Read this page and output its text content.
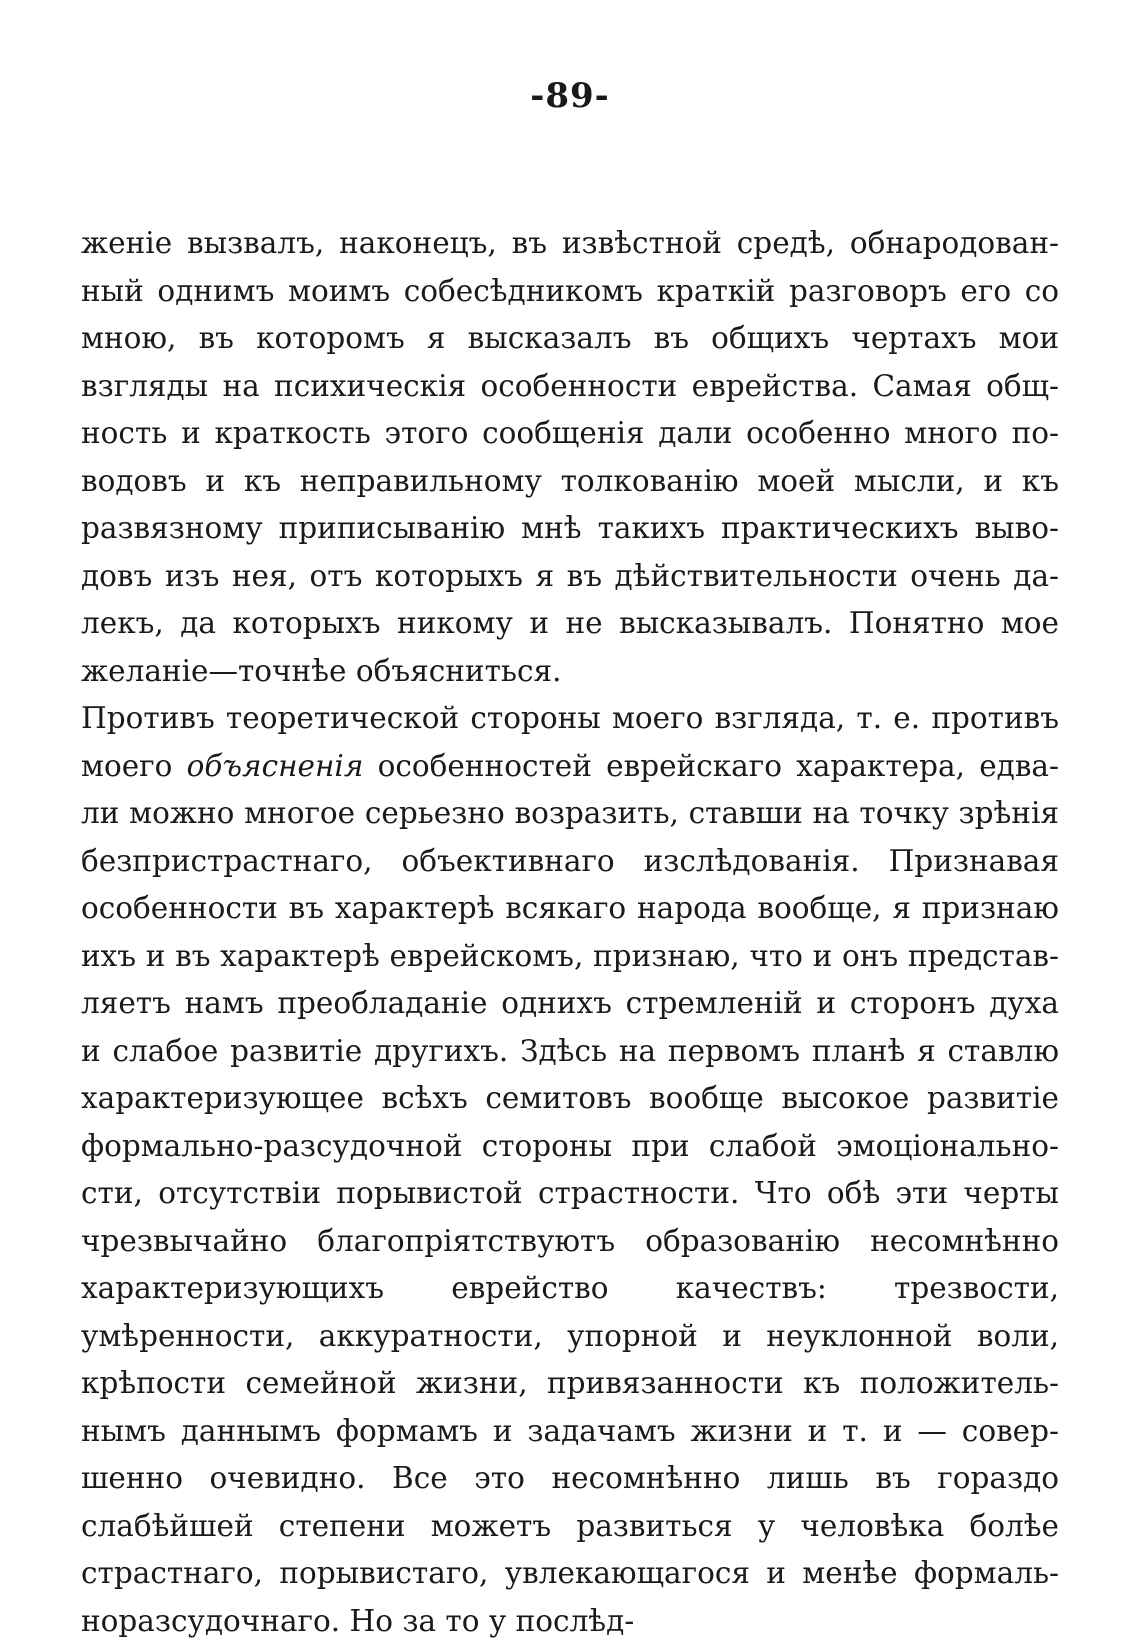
-89-
женіе вызвалъ, наконецъ, въ извѣстной средѣ, обнародован-
ный однимъ моимъ собесѣдникомъ краткій разговоръ его со
мною, въ которомъ я высказалъ въ общихъ чертахъ мои
взгляды на психическія особенности еврейства. Самая общ-
ность и краткость этого сообщенія дали особенно много по-
водовъ и къ неправильному толкованію моей мысли, и къ
развязному приписыванію мнѣ такихъ практическихъ выво-
довъ изъ нея, отъ которыхъ я въ дѣйствительности очень да-
лекъ, да которыхъ никому и не высказывалъ. Понятно мое
желаніе—точнѣе объясниться.
Противъ теоретической стороны моего взгляда, т. е. противъ
моего объясненія особенностей еврейскаго характера, едва-
ли можно многое серьезно возразить, ставши на точку зрѣнія
безпристрастнаго, объективнаго изслѣдованія. Признавая
особенности въ характерѣ всякаго народа вообще, я признаю
ихъ и въ характерѣ еврейскомъ, признаю, что и онъ представ-
ляетъ намъ преобладаніе однихъ стремленій и сторонъ духа
и слабое развитіе другихъ. Здѣсь на первомъ планѣ я ставлю
характеризующее всѣхъ семитовъ вообще высокое развитіе
формально-разсудочной стороны при слабой эмоціонально-
сти, отсутствіи порывистой страстности. Что обѣ эти черты
чрезвычайно благопріятствуютъ образованію несомнѣнно
характеризующихъ еврейство качествъ: трезвости,
умѣренности, аккуратности, упорной и неуклонной воли,
крѣпости семейной жизни, привязанности къ положитель-
нымъ даннымъ формамъ и задачамъ жизни и т. и — совер-
шенно очевидно. Все это несомнѣнно лишь въ гораздо
слабѣйшей степени можетъ развиться у человѣка болѣе
страстнаго, порывистаго, увлекающагося и менѣе формаль-
норазсудочнаго. Но за то у послѣд-
